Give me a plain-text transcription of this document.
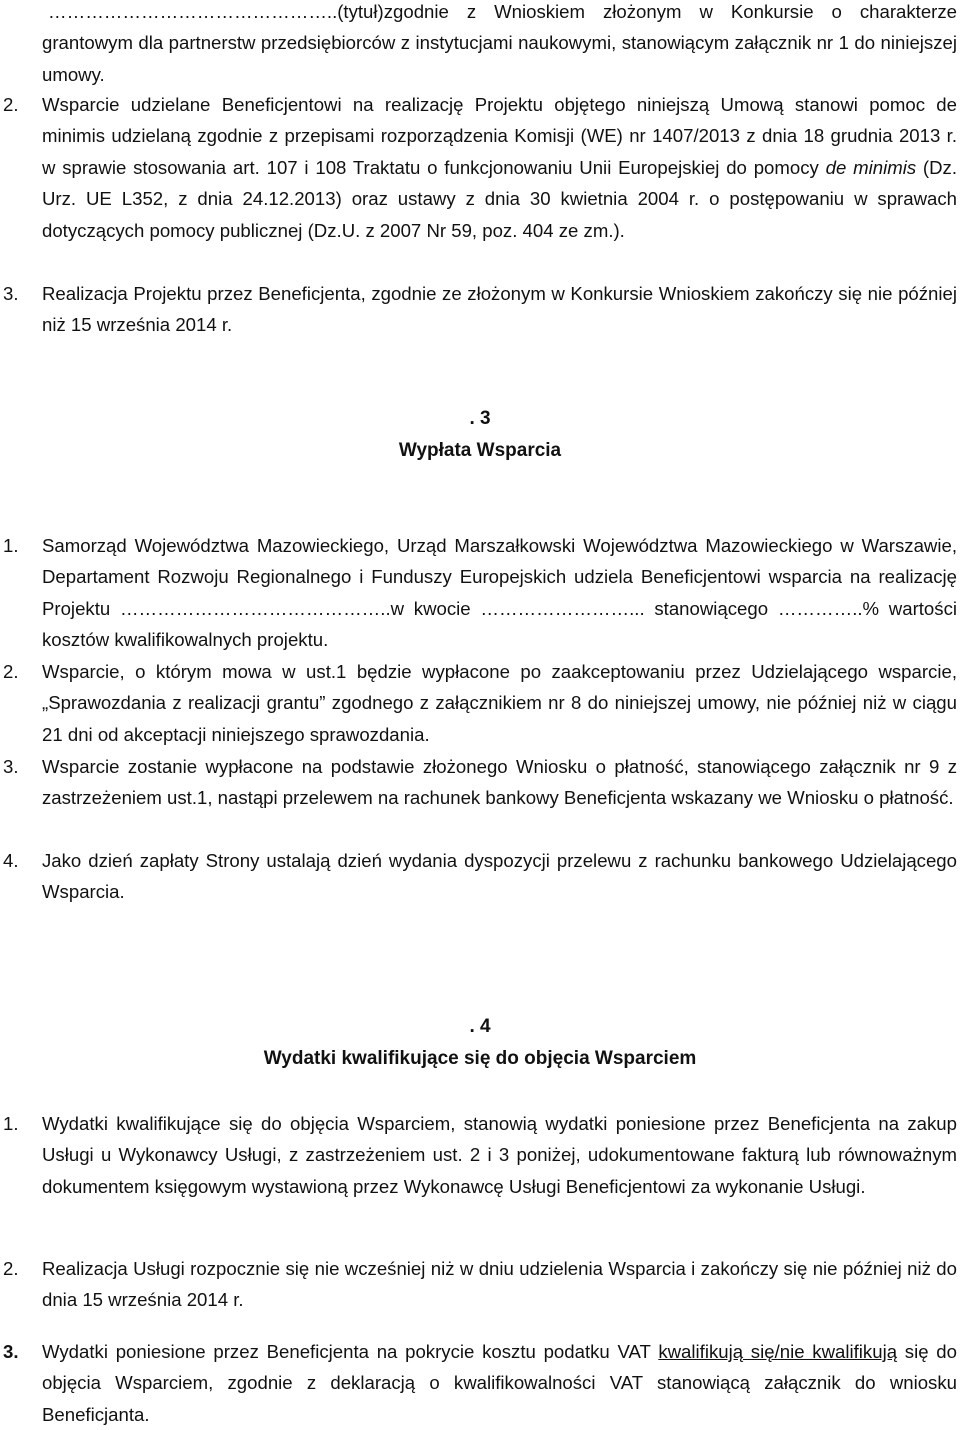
………………………………………..(tytuł)zgodnie z Wnioskiem złożonym w Konkursie o charakterze grantowym dla partnerstw przedsiębiorców z instytucjami naukowymi, stanowiącym załącznik nr 1 do niniejszej umowy.

2.	Wsparcie udzielane Beneficjentowi na realizację Projektu objętego niniejszą Umową stanowi pomoc de minimis udzielaną zgodnie z przepisami rozporządzenia Komisji (WE) nr 1407/2013 z dnia 18 grudnia 2013 r. w sprawie stosowania art. 107 i 108 Traktatu o funkcjonowaniu Unii Europejskiej do pomocy de minimis (Dz. Urz. UE L352, z dnia 24.12.2013) oraz ustawy z dnia 30 kwietnia 2004 r. o postępowaniu w sprawach dotyczących pomocy publicznej (Dz.U. z 2007 Nr 59, poz. 404 ze zm.).
3.	Realizacja Projektu przez Beneficjenta, zgodnie ze złożonym w Konkursie Wnioskiem zakończy się nie później niż 15 września 2014 r.
. 3
Wypłata Wsparcia
1.	Samorząd Województwa Mazowieckiego, Urząd Marszałkowski Województwa Mazowieckiego w Warszawie, Departament Rozwoju Regionalnego i Funduszy Europejskich udziela Beneficjentowi wsparcia na realizację Projektu ……………………………………..w kwocie ……………………... stanowiącego …………..% wartości kosztów kwalifikowalnych projektu.
2.	Wsparcie, o którym mowa w ust.1 będzie wypłacone po zaakceptowaniu przez Udzielającego wsparcie, „Sprawozdania z realizacji grantu” zgodnego z załącznikiem nr 8 do niniejszej umowy, nie później niż w ciągu 21 dni od akceptacji niniejszego sprawozdania.
3.	Wsparcie zostanie wypłacone na podstawie złożonego Wniosku o płatność, stanowiącego załącznik nr 9 z zastrzeżeniem ust.1, nastąpi przelewem na rachunek bankowy Beneficjenta wskazany we Wniosku o płatność.
4.	Jako dzień zapłaty Strony ustalają dzień wydania dyspozycji przelewu z rachunku bankowego Udzielającego Wsparcia.
. 4
Wydatki kwalifikujące się do objęcia Wsparciem
1.	Wydatki kwalifikujące się do objęcia Wsparciem, stanowią wydatki poniesione przez Beneficjenta na zakup Usługi u Wykonawcy Usługi, z zastrzeżeniem ust. 2 i 3 poniżej, udokumentowane fakturą lub równoważnym dokumentem księgowym wystawioną przez Wykonawcę Usługi Beneficjentowi za wykonanie Usługi.
2.	Realizacja Usługi rozpocznie się nie wcześniej niż w dniu udzielenia Wsparcia i zakończy się nie później niż do dnia 15 września 2014 r.
3.	Wydatki poniesione przez Beneficjenta na pokrycie kosztu podatku VAT kwalifikują się/nie kwalifikują się do objęcia Wsparciem, zgodnie z deklaracją o kwalifikowalności VAT stanowiącą załącznik do wniosku Beneficjanta.
